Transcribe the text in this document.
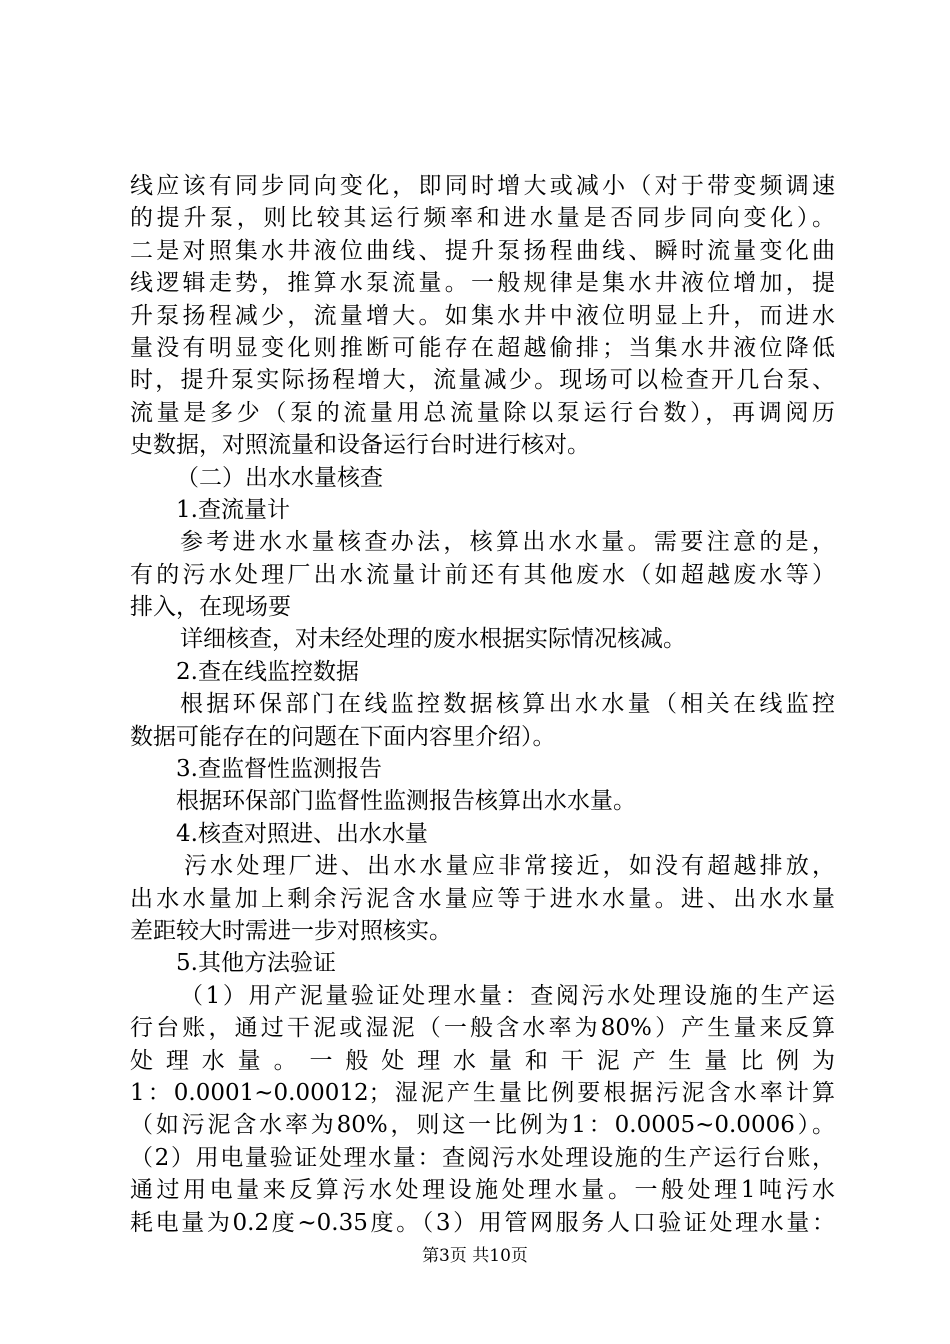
线应该有同步同向变化，即同时增大或减小（对于带变频调速
的提升泵，则比较其运行频率和进水量是否同步同向变化）。
二是对照集水井液位曲线、提升泵扬程曲线、瞬时流量变化曲
线逻辑走势，推算水泵流量。一般规律是集水井液位增加，提
升泵扬程减少，流量增大。如集水井中液位明显上升，而进水
量没有明显变化则推断可能存在超越偷排；当集水井液位降低
时，提升泵实际扬程增大，流量减少。现场可以检查开几台泵、
流量是多少（泵的流量用总流量除以泵运行台数），再调阅历
史数据，对照流量和设备运行台时进行核对。
（二）出水水量核查
1.查流量计
参考进水水量核查办法，核算出水水量。需要注意的是，
有的污水处理厂出水流量计前还有其他废水（如超越废水等）
排入，在现场要
详细核查，对未经处理的废水根据实际情况核减。
2.查在线监控数据
根据环保部门在线监控数据核算出水水量（相关在线监控
数据可能存在的问题在下面内容里介绍）。
3.查监督性监测报告
根据环保部门监督性监测报告核算出水水量。
4.核查对照进、出水水量
污水处理厂进、出水水量应非常接近，如没有超越排放，
出水水量加上剩余污泥含水量应等于进水水量。进、出水水量
差距较大时需进一步对照核实。
5.其他方法验证
（1）用产泥量验证处理水量：查阅污水处理设施的生产运
行台账，通过干泥或湿泥（一般含水率为80%）产生量来反算
处理水量。一般处理水量和干泥产生量比例为
1：0.0001~0.00012；湿泥产生量比例要根据污泥含水率计算
（如污泥含水率为80%，则这一比例为1：0.0005~0.0006）。
（2）用电量验证处理水量：查阅污水处理设施的生产运行台账，
通过用电量来反算污水处理设施处理水量。一般处理1吨污水
耗电量为0.2度~0.35度。（3）用管网服务人口验证处理水量：
第3页 共10页
